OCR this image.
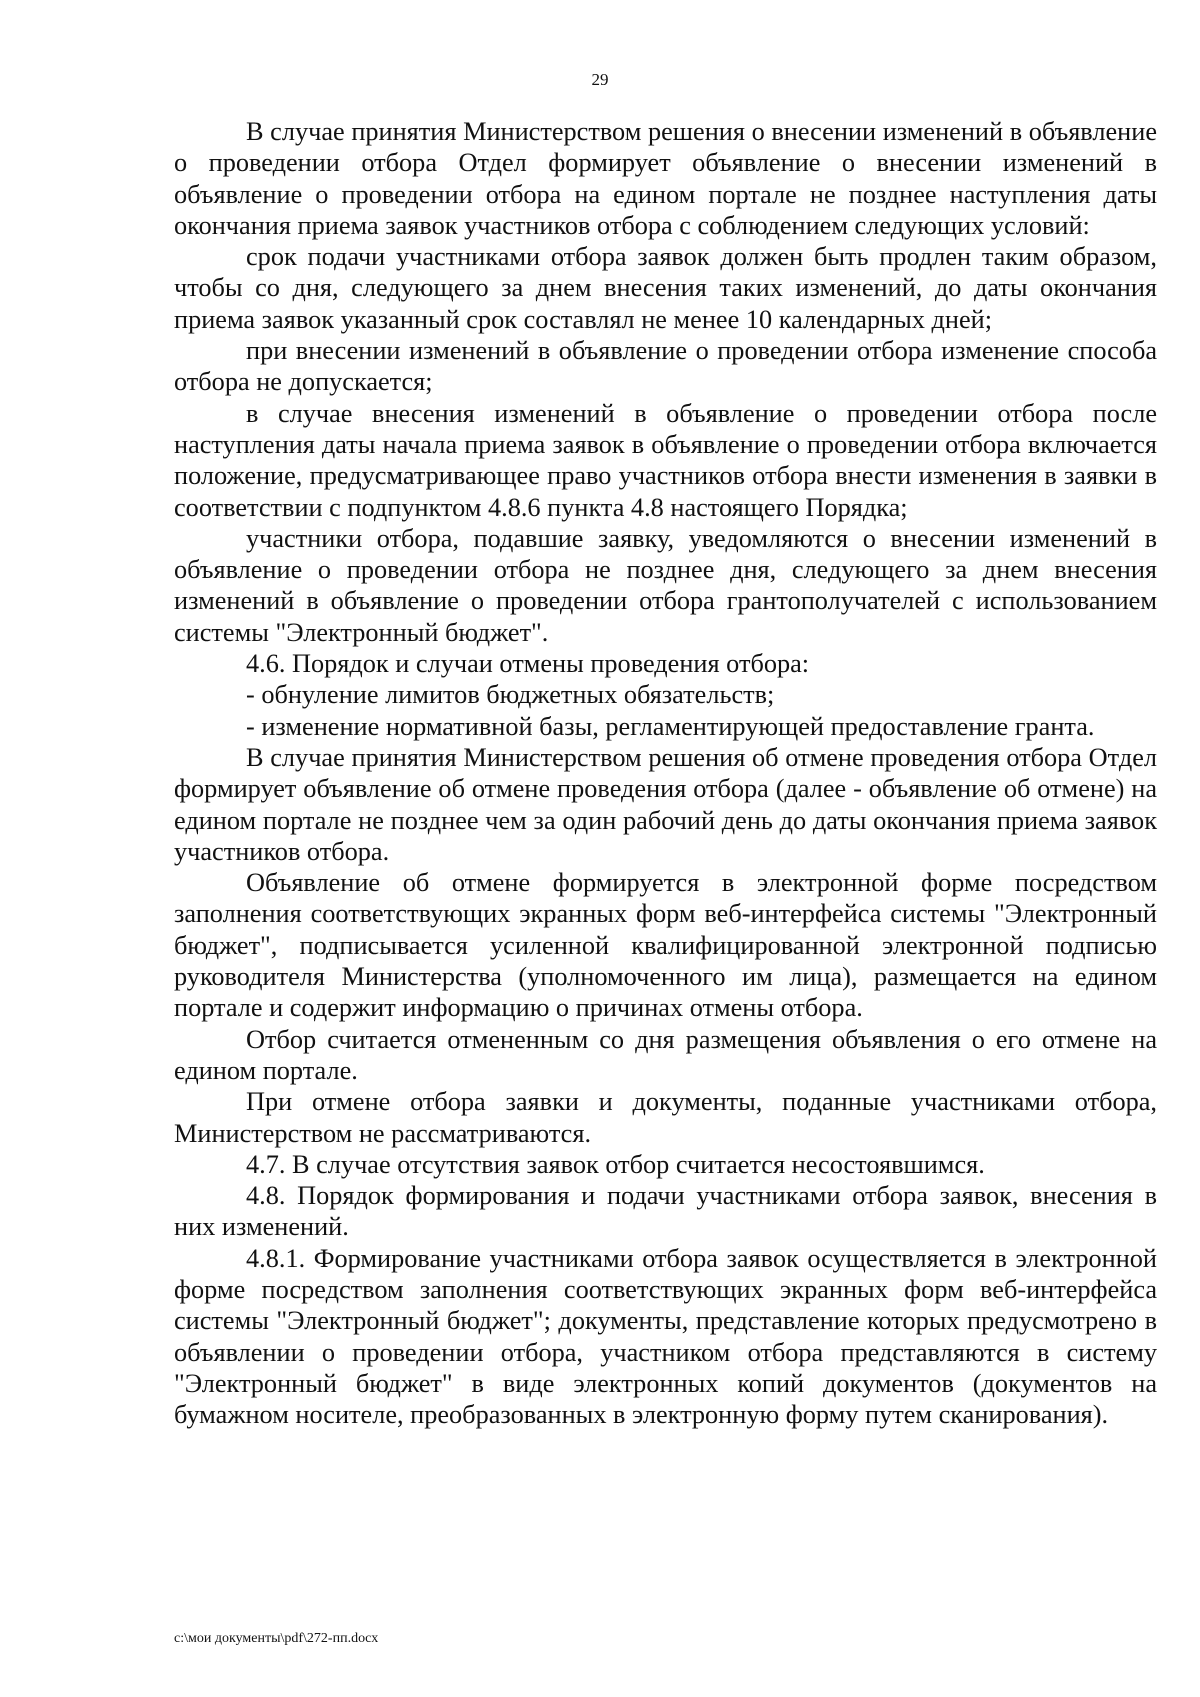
29

В случае принятия Министерством решения о внесении изменений в объявление о проведении отбора Отдел формирует объявление о внесении изменений в объявление о проведении отбора на едином портале не позднее наступления даты окончания приема заявок участников отбора с соблюдением следующих условий:

срок подачи участниками отбора заявок должен быть продлен таким образом, чтобы со дня, следующего за днем внесения таких изменений, до даты окончания приема заявок указанный срок составлял не менее 10 календарных дней;

при внесении изменений в объявление о проведении отбора изменение способа отбора не допускается;

в случае внесения изменений в объявление о проведении отбора после наступления даты начала приема заявок в объявление о проведении отбора включается положение, предусматривающее право участников отбора внести изменения в заявки в соответствии с подпунктом 4.8.6 пункта 4.8 настоящего Порядка;

участники отбора, подавшие заявку, уведомляются о внесении изменений в объявление о проведении отбора не позднее дня, следующего за днем внесения изменений в объявление о проведении отбора грантополучателей с использованием системы "Электронный бюджет".

4.6. Порядок и случаи отмены проведения отбора:

- обнуление лимитов бюджетных обязательств;

- изменение нормативной базы, регламентирующей предоставление гранта.

В случае принятия Министерством решения об отмене проведения отбора Отдел формирует объявление об отмене проведения отбора (далее - объявление об отмене) на едином портале не позднее чем за один рабочий день до даты окончания приема заявок участников отбора.

Объявление об отмене формируется в электронной форме посредством заполнения соответствующих экранных форм веб-интерфейса системы "Электронный бюджет", подписывается усиленной квалифицированной электронной подписью руководителя Министерства (уполномоченного им лица), размещается на едином портале и содержит информацию о причинах отмены отбора.

Отбор считается отмененным со дня размещения объявления о его отмене на едином портале.

При отмене отбора заявки и документы, поданные участниками отбора, Министерством не рассматриваются.

4.7. В случае отсутствия заявок отбор считается несостоявшимся.

4.8. Порядок формирования и подачи участниками отбора заявок, внесения в них изменений.

4.8.1. Формирование участниками отбора заявок осуществляется в электронной форме посредством заполнения соответствующих экранных форм веб-интерфейса системы "Электронный бюджет"; документы, представление которых предусмотрено в объявлении о проведении отбора, участником отбора представляются в систему "Электронный бюджет" в виде электронных копий документов (документов на бумажном носителе, преобразованных в электронную форму путем сканирования).

c:\мои документы\pdf\272-пп.docx
